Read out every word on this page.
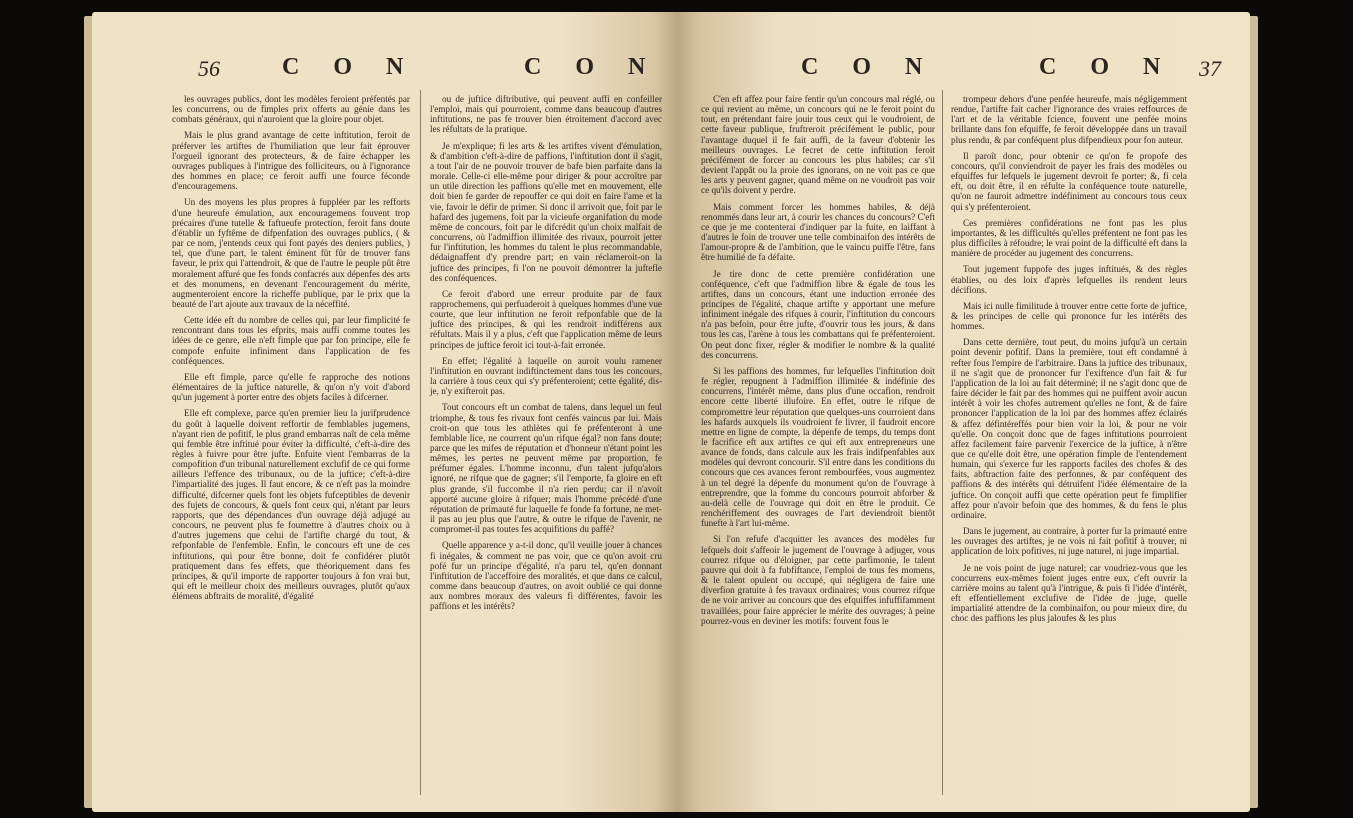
56	C O N	C O N

les ouvrages publics, dont les modèles feroient préfentés par les concurrens, ou de fimples prix offerts au génie dans les combats généraux, qui n'auroient que la gloire pour objet.

Mais le plus grand avantage de cette inftitution, feroit de préferver les artiftes de l'humiliation que leur fait éprouver l'orgueil ignorant des protecteurs, & de faire échapper les ouvrages publiques à l'intrigue des folliciteurs, ou à l'ignorance des hommes en place; ce feroit auffi une fource féconde d'encouragemens.

Un des moyens les plus propres à fuppléer par les refforts d'une heureufe émulation, aux encouragemens fouvent trop précaires d'une tutelle & faftueufe protection, feroit fans doute d'établir un fyftême de difpenfation des ouvrages publics, ( & par ce nom, j'entends ceux qui font payés des deniers publics, ) tel, que d'une part, le talent éminent fût fûr de trouver fans faveur, le prix qui l'attendroit, & que de l'autre le peuple pût être moralement affuré que fes fonds confacrés aux dépenfes des arts et des monumens, en devenant l'encouragement du mérite, augmenteroient encore la richeffe publique, par le prix que la beauté de l'art ajoute aux travaux de la néceffité.

Cette idée eft du nombre de celles qui, par leur fimplicité fe rencontrant dans tous les efprits, mais auffi comme toutes les idées de ce genre, elle n'eft fimple que par fon principe, elle fe compofe enfuite infiniment dans l'application de fes conféquences.

Elle eft fimple, parce qu'elle fe rapproche des notions élémentaires de la juftice naturelle, & qu'on n'y voit d'abord qu'un jugement à porter entre des objets faciles à difcerner.

Elle eft complexe, parce qu'en premier lieu la jurifprudence du goût à laquelle doivent reffortir de femblables jugemens, n'ayant rien de pofitif, le plus grand embarras naît de cela même qui femble être inftitué pour éviter la difficulté, c'eft-à-dire des règles à fuivre pour être jufte. Enfuite vient l'embarras de la compofition d'un tribunal naturellement exclufif de ce qui forme ailleurs l'effence des tribunaux, ou de la juftice; c'eft-à-dire l'impartialité des juges. Il faut encore, & ce n'eft pas la moindre difficulté, difcerner quels font les objets fufceptibles de devenir des fujets de concours, & quels font ceux qui, n'étant par leurs rapports, que des dépendances d'un ouvrage déjà adjugé au concours, ne peuvent plus fe foumettre à d'autres choix ou à d'autres jugemens que celui de l'artifte chargé du tout, & refponfable de l'enfemble. Enfin, le concours eft une de ces inftitutions, qui pour être bonne, doit fe confidérer plutôt pratiquement dans fes effets, que théoriquement dans fes principes, & qu'il importe de rapporter toujours à fon vrai but, qui eft le meilleur choix des meilleurs ouvrages, plutôt qu'aux élémens abftraits de moralité, d'égalité

ou de juftice diftributive, qui peuvent auffi en confeiller l'emploi, mais qui pourroient, comme dans beaucoup d'autres inftitutions, ne pas fe trouver bien étroitement d'accord avec les réfultats de la pratique.

Je m'explique; fi les arts & les artiftes vivent d'émulation, & d'ambition c'eft-à-dire de paffions, l'inftitution dont il s'agit, a tout l'air de ne pouvoir trouver de bafe bien parfaite dans la morale. Celle-ci elle-même pour diriger & pour accroître par un utile direction les paffions qu'elle met en mouvement, elle doit bien fe garder de repouffer ce qui doit en faire l'ame et la vie, favoir le défir de primer. Si donc il arrivoit que, foit par le hafard des jugemens, foit par la vicieufe organifation du mode même de concours, foit par le difcrédit qu'un choix malfait de concurrens, où l'admiffion illimitée des rivaux, pourroit jetter fur l'inftitution, les hommes du talent le plus recommandable, dédaignaffent d'y prendre part; en vain réclameroit-on la juftice des principes, fi l'on ne pouvoit démontrer la juftefle des conféquences.

Ce feroit d'abord une erreur produite par de faux rapprochemens, qui perfuaderoit à quelques hommes d'une vue courte, que leur inftitution ne feroit refponfable que de la juftice des principes, & qui les rendroit indifférens aux réfultats. Mais il y a plus, c'eft que l'application même de leurs principes de juftice feroit ici tout-à-fait erronée.

En effet; l'égalité à laquelle on auroit voulu ramener l'inftitution en ouvrant indiftinctement dans tous les concours, la carrière à tous ceux qui s'y préfenteroient; cette égalité, dis-je, n'y exifteroit pas.

Tout concours eft un combat de talens, dans lequel un feul triomphe, & tous fes rivaux font cenfés vaincus par lui. Mais croit-on que tous les athlètes qui fe préfenteront à une femblable lice, ne courrent qu'un rifque égal? non fans doute; parce que les mifes de réputation et d'honneur n'étant point les mêmes, les pertes ne peuvent même par proportion, fe préfumer égales. L'homme inconnu, d'un talent jufqu'alors ignoré, ne rifque que de gagner; s'il l'emporte, fa gloire en eft plus grande, s'il fuccombe il n'a rien perdu; car il n'avoit apporté aucune gloire à rifquer; mais l'homme précédé d'une réputation de primauté fur laquelle fe fonde fa fortune, ne met-il pas au jeu plus que l'autre, & outre le rifque de l'avenir, ne compromet-il pas toutes fes acquifitions du paffé?

Quelle apparence y a-t-il donc, qu'il veuille jouer à chances fi inégales, & comment ne pas voir, que ce qu'on avoit cru pofé fur un principe d'égalité, n'a paru tel, qu'en donnant l'inftitution de l'acceffoire des moralités, et que dans ce calcul, comme dans beaucoup d'autres, on avoit oublié ce qui donne aux nombres moraux des valeurs fi différentes, favoir les paffions et les intérêts?

C O N	C O N 37

C'en eft affez pour faire fentir qu'un concours mal réglé, ou ce qui revient au même, un concours qui ne le feroit point du tout, en prétendant faire jouir tous ceux qui le voudroient, de cette faveur publique, fruftreroit précifément le public, pour l'avantage duquel il fe fait auffi, de la faveur d'obtenir les meilleurs ouvrages. Le fecret de cette inftitution feroit précifément de forcer au concours les plus habiles; car s'il devient l'appât ou la proie des ignorans, on ne voit pas ce que les arts y peuvent gagner, quand même on ne voudroit pas voir ce qu'ils doivent y perdre.

Mais comment forcer les hommes habiles, & déjà renommés dans leur art, à courir les chances du concours? C'eft ce que je me contenterai d'indiquer par la fuite, en laiffant à d'autres le foin de trouver une telle combinaifon des intérêts de l'amour-propre & de l'ambition, que le vaincu puiffe l'être, fans être humilié de fa défaite.

Je tire donc de cette première confidération une conféquence, c'eft que l'admiffion libre & égale de tous les artiftes, dans un concours, étant une induction erronée des principes de l'égalité, chaque artifte y apportant une mefure infiniment inégale des rifques à courir, l'inftitution du concours n'a pas befoin, pour être jufte, d'ouvrir tous les jours, & dans tous les cas, l'arène à tous les combattans qui fe préfenteroient. On peut donc fixer, régler & modifier le nombre & la qualité des concurrens.

Si les paffions des hommes, fur lefquelles l'inftitution doit fe régler, repugnent à l'admiffion illimitée & indéfinie des concurrens, l'intérêt même, dans plus d'une occafion, rendroit encore cette liberté illufoire. En effet, outre le rifque de compromettre leur réputation que quelques-uns courroient dans les hafards auxquels ils voudroient fe livrer, il faudroit encore mettre en ligne de compte, la dépenfe de temps, du temps dont le facrifice eft aux artiftes ce qui eft aux entrepreneurs une avance de fonds, dans calcule aux les frais indifpenfables aux modèles qui devront concourir. S'il entre dans les conditions du concours que ces avances feront rembourfées, vous augmentez à un tel degré la dépenfe du monument qu'on de l'ouvrage à entreprendre, que la fomme du concours pourroit abforber & au-delà celle de l'ouvrage qui doit en être le produit. Ce renchériffement des ouvrages de l'art deviendroit bientôt funefte à l'art lui-même.

Si l'on refufe d'acquitter les avances des modèles fur lefquels doit s'affeoir le jugement de l'ouvrage à adjuger, vous courrez rifque ou d'éloigner, par cette parfimonie, le talent pauvre qui doit à fa fubfiftance, l'emploi de tous fes momens, & le talent opulent ou occupé, qui négligera de faire une diverfion gratuite à fes travaux ordinaires; vous courrez rifque de ne voir arriver au concours que des efquiffes infuffifamment travaillées, pour faire apprécier le mérite des ouvrages; à peine pourrez-vous en deviner les motifs: fouvent fous le

trompeur dehors d'une penfée heureufe, mais négligemment rendue, l'artifte fait cacher l'ignorance des vraies reffources de l'art et de la véritable fcience, fouvent une penfée moins brillante dans fon efquiffe, fe feroit développée dans un travail plus rendu, & par conféquent plus difpendieux pour fon auteur.

Il paroît donc, pour obtenir ce qu'on fe propofe des concours, qu'il conviendroit de payer les frais des modèles ou efquiffes fur lefquels le jugement devroit fe porter; &, fi cela eft, ou doit être, il en réfulte la conféquence toute naturelle, qu'on ne fauroit admettre indéfiniment au concours tous ceux qui s'y préfenteroient.

Ces premières confidérations ne font pas les plus importantes, & les difficultés qu'elles préfentent ne font pas les plus difficiles à réfoudre; le vrai point de la difficulté eft dans la manière de procéder au jugement des concurrens.

Tout jugement fuppofe des juges inftitués, & des règles établies, ou des loix d'après lefquelles ils rendent leurs décifions.

Mais ici nulle fimilitude à trouver entre cette forte de juftice, & les principes de celle qui prononce fur les intérêts des hommes.

Dans cette dernière, tout peut, du moins jufqu'à un certain point devenir pofitif. Dans la première, tout eft condamné à refter fous l'empire de l'arbitraire. Dans la juftice des tribunaux, il ne s'agit que de prononcer fur l'exiftence d'un fait & fur l'application de la loi au fait déterminé; il ne s'agit donc que de faire décider le fait par des hommes qui ne puiffent avoir aucun intérêt à voir les chofes autrement qu'elles ne font, & de faire prononcer l'application de la loi par des hommes affez éclairés & affez défintéreffés pour bien voir la loi, & pour ne voir qu'elle. On conçoit donc que de fages inftitutions pourroient affez facilement faire parvenir l'exercice de la juftice, à n'être que ce qu'elle doit être, une opération fimple de l'entendement humain, qui s'exerce fur les rapports faciles des chofes & des faits, abftraction faite des perfonnes, & par conféquent des paffions & des intérêts qui détruifent l'idée élémentaire de la juftice. On conçoit auffi que cette opération peut fe fimplifier affez pour n'avoir befoin que des hommes, & du fens le plus ordinaire.

Dans le jugement, au contraire, à porter fur la primauté entre les ouvrages des artiftes, je ne vois ni fait pofitif à trouver, ni application de loix pofitives, ni juge naturel, ni juge impartial.

Je ne vois point de juge naturel; car voudriez-vous que les concurrens eux-mêmes foient juges entre eux, c'eft ouvrir la carrière moins au talent qu'à l'intrigue, & puis fi l'idée d'intérêt, eft effentiellement exclufive de l'idée de juge, quelle impartialité attendre de la combinaifon, ou pour mieux dire, du choc des paffions les plus jaloufes & les plus
